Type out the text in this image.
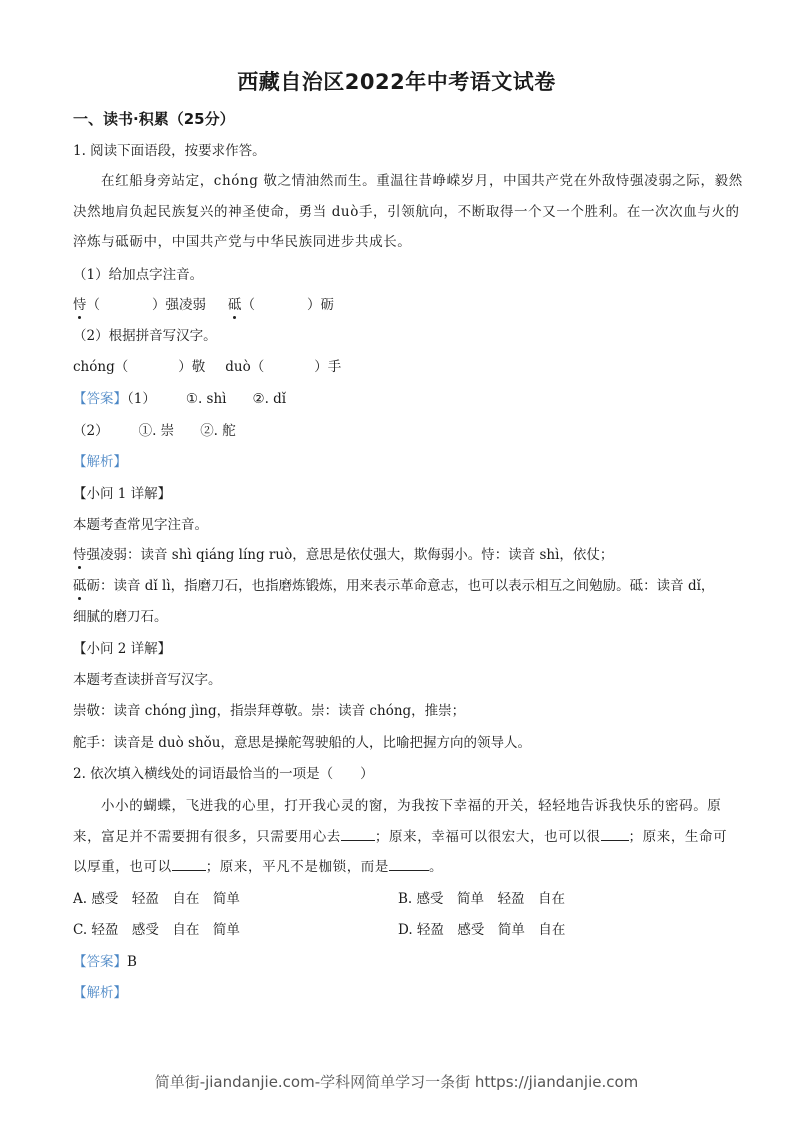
西藏自治区2022年中考语文试卷
一、读书·积累（25分）
1. 阅读下面语段，按要求作答。
在红船身旁站定，chóng 敬之情油然而生。重温往昔峥嵘岁月，中国共产党在外敌恃强凌弱之际，毅然
决然地肩负起民族复兴的神圣使命，勇当 duò手，引领航向，不断取得一个又一个胜利。在一次次血与火的
淬炼与砥砺中，中国共产党与中华民族同进步共成长。
（1）给加点字注音。
恃（	）强凌弱 砥（	）砺
（2）根据拼音写汉字。
chóng（	）敬 duò（	）手
【答案】（1） ①. shì ②. dǐ
（2） ①. 崇 ②. 舵
【解析】
【小问 1 详解】
本题考查常见字注音。
恃强凌弱：读音 shì qiáng líng ruò，意思是依仗强大，欺侮弱小。恃：读音 shì，依仗；
砥砺：读音 dǐ lì，指磨刀石，也指磨炼锻炼，用来表示革命意志，也可以表示相互之间勉励。砥：读音 dǐ，
细腻的磨刀石。
【小问 2 详解】
本题考查读拼音写汉字。
崇敬：读音 chóng jìng，指崇拜尊敬。崇：读音 chóng，推崇；
舵手：读音是 duò shǒu，意思是操舵驾驶船的人，比喻把握方向的领导人。
2. 依次填入横线处的词语最恰当的一项是（　　）
小小的蝴蝶，飞进我的心里，打开我心灵的窗，为我按下幸福的开关，轻轻地告诉我快乐的密码。原
来，富足并不需要拥有很多，只需要用心去	；原来，幸福可以很宏大，也可以很 ；原来，生命可
以厚重，也可以	；原来，平凡不是枷锁，而是	。
A. 感受　轻盈　自在　简单	B. 感受　简单　轻盈　自在
C. 轻盈　感受　自在　简单	D. 轻盈　感受　简单　自在
【答案】B
【解析】
简单街-jiandanjie.com-学科网简单学习一条街 https://jiandanjie.com
